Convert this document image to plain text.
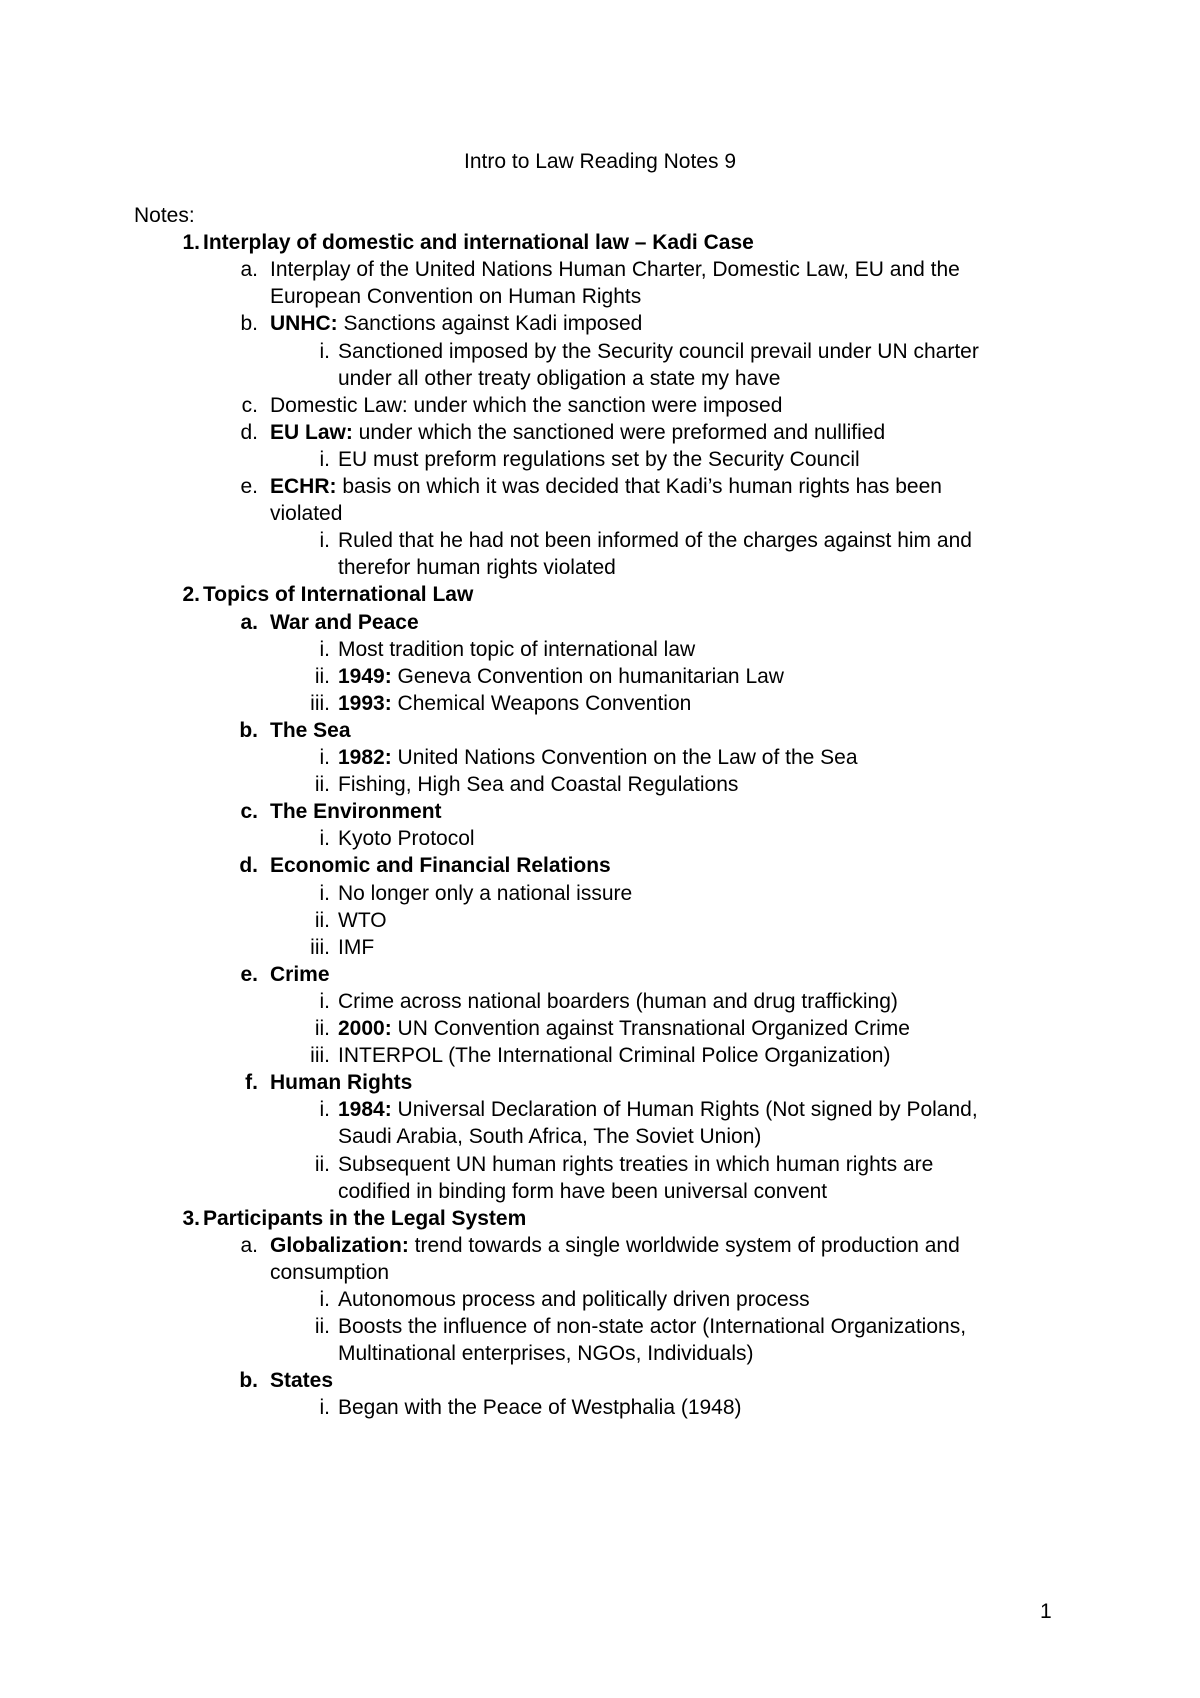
Intro to Law Reading Notes 9
Notes:
1. Interplay of domestic and international law – Kadi Case
a. Interplay of the United Nations Human Charter, Domestic Law, EU and the
European Convention on Human Rights
b. UNHC: Sanctions against Kadi imposed
i. Sanctioned imposed by the Security council prevail under UN charter
under all other treaty obligation a state my have
c. Domestic Law: under which the sanction were imposed
d. EU Law: under which the sanctioned were preformed and nullified
i. EU must preform regulations set by the Security Council
e. ECHR: basis on which it was decided that Kadi’s human rights has been
violated
i. Ruled that he had not been informed of the charges against him and
therefor human rights violated
2. Topics of International Law
a. War and Peace
i. Most tradition topic of international law
ii. 1949: Geneva Convention on humanitarian Law
iii. 1993: Chemical Weapons Convention
b. The Sea
i. 1982: United Nations Convention on the Law of the Sea
ii. Fishing, High Sea and Coastal Regulations
c. The Environment
i. Kyoto Protocol
d. Economic and Financial Relations
i. No longer only a national issure
ii. WTO
iii. IMF
e. Crime
i. Crime across national boarders (human and drug trafficking)
ii. 2000: UN Convention against Transnational Organized Crime
iii. INTERPOL (The International Criminal Police Organization)
f. Human Rights
i. 1984: Universal Declaration of Human Rights (Not signed by Poland,
Saudi Arabia, South Africa, The Soviet Union)
ii. Subsequent UN human rights treaties in which human rights are
codified in binding form have been universal convent
3. Participants in the Legal System
a. Globalization: trend towards a single worldwide system of production and
consumption
i. Autonomous process and politically driven process
ii. Boosts the influence of non-state actor (International Organizations,
Multinational enterprises, NGOs, Individuals)
b. States
i. Began with the Peace of Westphalia (1948)
1
